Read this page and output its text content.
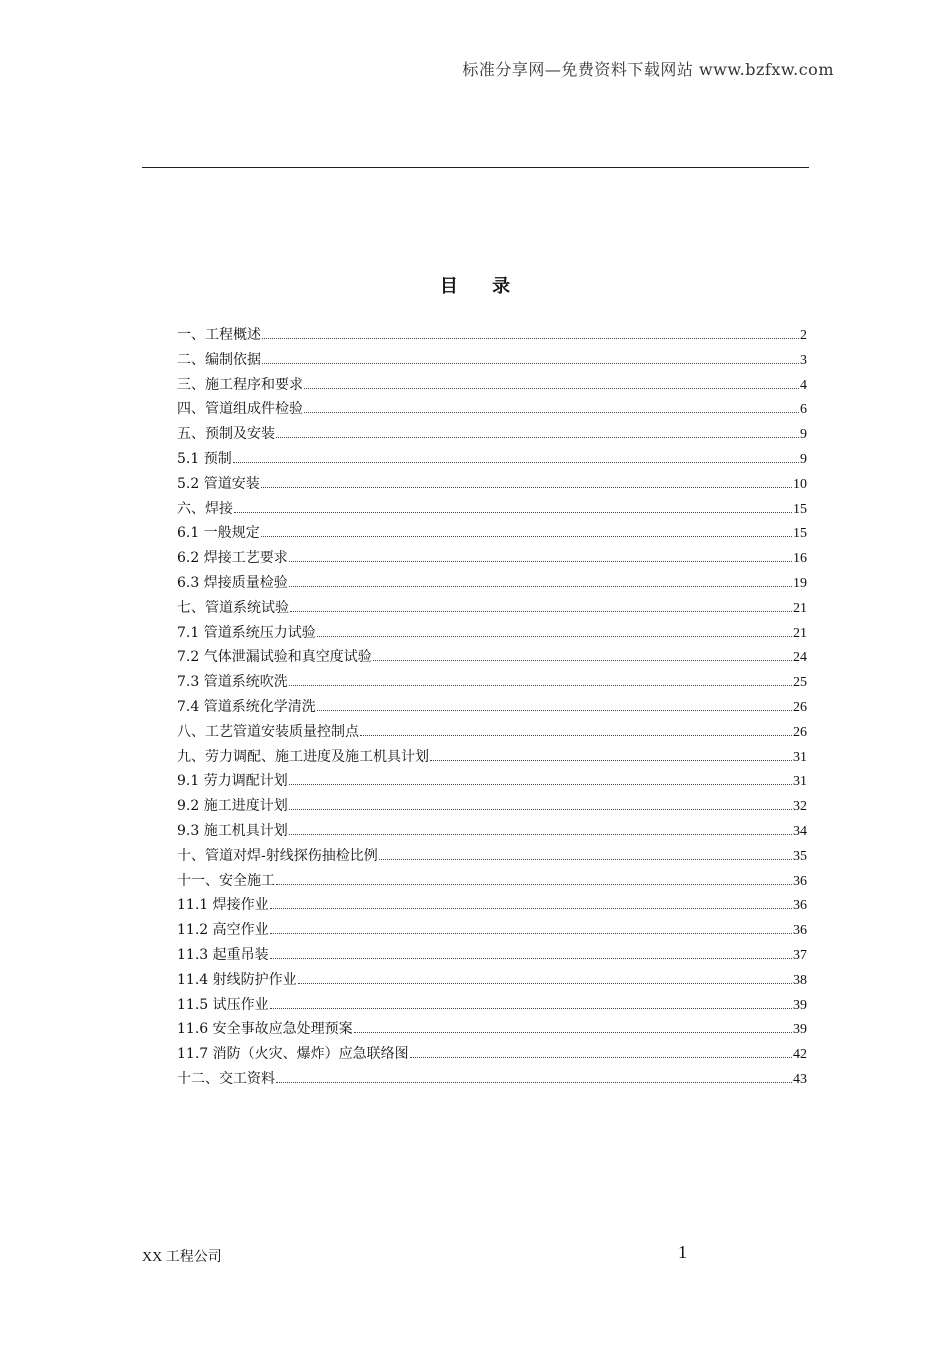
标准分享网—免费资料下载网站 www.bzfxw.com
目 录
一、工程概述	2
二、编制依据	3
三、施工程序和要求	4
四、管道组成件检验	6
五、预制及安装	9
5.1 预制	9
5.2 管道安装	10
六、焊接	15
6.1 一般规定	15
6.2 焊接工艺要求	16
6.3 焊接质量检验	19
七、管道系统试验	21
7.1 管道系统压力试验	21
7.2 气体泄漏试验和真空度试验	24
7.3 管道系统吹洗	25
7.4 管道系统化学清洗	26
八、工艺管道安装质量控制点	26
九、劳力调配、施工进度及施工机具计划	31
9.1 劳力调配计划	31
9.2 施工进度计划	32
9.3 施工机具计划	34
十、管道对焊-射线探伤抽检比例	35
十一、安全施工	36
11.1 焊接作业	36
11.2 高空作业	36
11.3 起重吊装	37
11.4 射线防护作业	38
11.5 试压作业	39
11.6 安全事故应急处理预案	39
11.7 消防（火灾、爆炸）应急联络图	42
十二、交工资料	43
XX 工程公司	1
